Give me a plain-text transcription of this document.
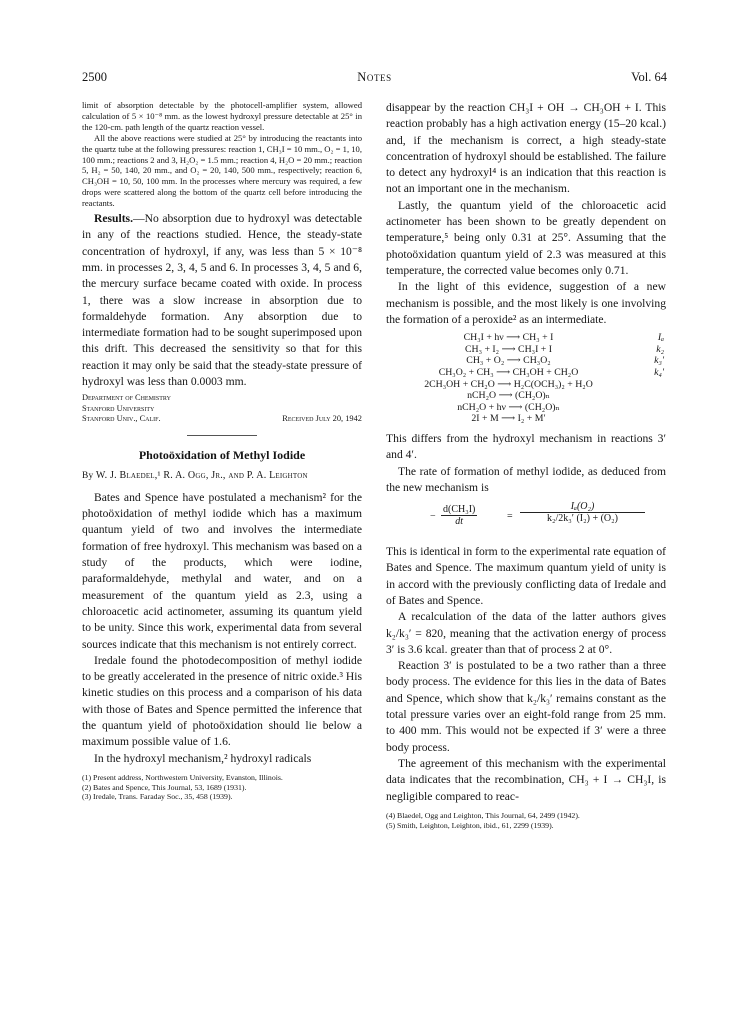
2500	Notes	Vol. 64

limit of absorption detectable by the photocell-amplifier system, allowed calculation of 5 × 10⁻⁸ mm. as the lowest hydroxyl pressure detectable at 25° in the 120-cm. path length of the quartz reaction vessel.

All the above reactions were studied at 25° by introducing the reactants into the quartz tube at the following pressures: reaction 1, CH₃I = 10 mm., O₂ = 1, 10, 100 mm.; reactions 2 and 3, H₂O₂ = 1.5 mm.; reaction 4, H₂O = 20 mm.; reaction 5, H₂ = 50, 140, 20 mm., and O₂ = 20, 140, 500 mm., respectively; reaction 6, CH₃OH = 10, 50, 100 mm. In the processes where mercury was required, a few drops were scattered along the bottom of the quartz cell before introducing the reactants.

Results.—No absorption due to hydroxyl was detectable in any of the reactions studied. Hence, the steady-state concentration of hydroxyl, if any, was less than 5 × 10⁻⁸ mm. in processes 2, 3, 4, 5 and 6. In processes 3, 4, 5 and 6, the mercury surface became coated with oxide. In process 1, there was a slow increase in absorption due to formaldehyde formation. Any absorption due to intermediate formation had to be sought superimposed upon this drift. This decreased the sensitivity so that for this reaction it may only be said that the steady-state pressure of hydroxyl was less than 0.0003 mm.

Department of Chemistry
Stanford University
Stanford Univ., Calif.	Received July 20, 1942
Photoöxidation of Methyl Iodide
By W. J. Blaedel,¹ R. A. Ogg, Jr., and P. A. Leighton

Bates and Spence have postulated a mechanism² for the photoöxidation of methyl iodide which has a maximum quantum yield of two and involves the intermediate formation of free hydroxyl. This mechanism was based on a study of the products, which were iodine, paraformaldehyde, methylal and water, and on a measurement of the quantum yield as 2.3, using a chloroacetic acid actinometer, assuming its quantum yield to be unity. Since this work, experimental data from several sources indicate that this mechanism is not entirely correct.

Iredale found the photodecomposition of methyl iodide to be greatly accelerated in the presence of nitric oxide.³ His kinetic studies on this process and a comparison of his data with those of Bates and Spence permitted the inference that the quantum yield of photoöxidation should lie below a maximum possible value of 1.6.

In the hydroxyl mechanism,² hydroxyl radicals

(1) Present address, Northwestern University, Evanston, Illinois.
(2) Bates and Spence, This Journal, 53, 1689 (1931).
(3) Iredale, Trans. Faraday Soc., 35, 458 (1939).

disappear by the reaction CH₃I + OH → CH₃OH + I. This reaction probably has a high activation energy (15–20 kcal.) and, if the mechanism is correct, a high steady-state concentration of hydroxyl should be established. The failure to detect any hydroxyl⁴ is an indication that this reaction is not an important one in the mechanism.

Lastly, the quantum yield of the chloroacetic acid actinometer has been shown to be greatly dependent on temperature,⁵ being only 0.31 at 25°. Assuming that the photoöxidation quantum yield of 2.3 was measured at this temperature, the corrected value becomes only 0.71.

In the light of this evidence, suggestion of a new mechanism is possible, and the most likely is one involving the formation of a peroxide² as an intermediate.

CH₃I + hν ⟶ CH₃ + I	Iₐ
CH₃ + I₂ ⟶ CH₃I + I	k₂
CH₃ + O₂ ⟶ CH₃O₂	k₃′
CH₃O₂ + CH₃ ⟶ CH₃OH + CH₂O	k₄′
2CH₃OH + CH₂O ⟶ H₂C(OCH₃)₂ + H₂O
nCH₂O ⟶ (CH₂O)ₙ
nCH₂O + hν ⟶ (CH₂O)ₙ
2I + M ⟶ I₂ + M′

This differs from the hydroxyl mechanism in reactions 3′ and 4′.

The rate of formation of methyl iodide, as deduced from the new mechanism is

− $\frac{\text{d(CH₃I)}}{dt}$	= $\frac{\text{Iₐ(O₂)}}{\text{k₂/2k₃′ (I₂) + (O₂)}}$

This is identical in form to the experimental rate equation of Bates and Spence. The maximum quantum yield of unity is in accord with the previously conflicting data of Iredale and of Bates and Spence.

A recalculation of the data of the latter authors gives k₂/k₃′ = 820, meaning that the activation energy of process 3′ is 3.6 kcal. greater than that of process 2 at 0°.

Reaction 3′ is postulated to be a two rather than a three body process. The evidence for this lies in the data of Bates and Spence, which show that k₂/k₃′ remains constant as the total pressure varies over an eight-fold range from 25 mm. to 400 mm. This would not be expected if 3′ were a three body process.

The agreement of this mechanism with the experimental data indicates that the recombination, CH₃ + I → CH₃I, is negligible compared to reac-

(4) Blaedel, Ogg and Leighton, This Journal, 64, 2499 (1942).
(5) Smith, Leighton, Leighton, ibid., 61, 2299 (1939).
